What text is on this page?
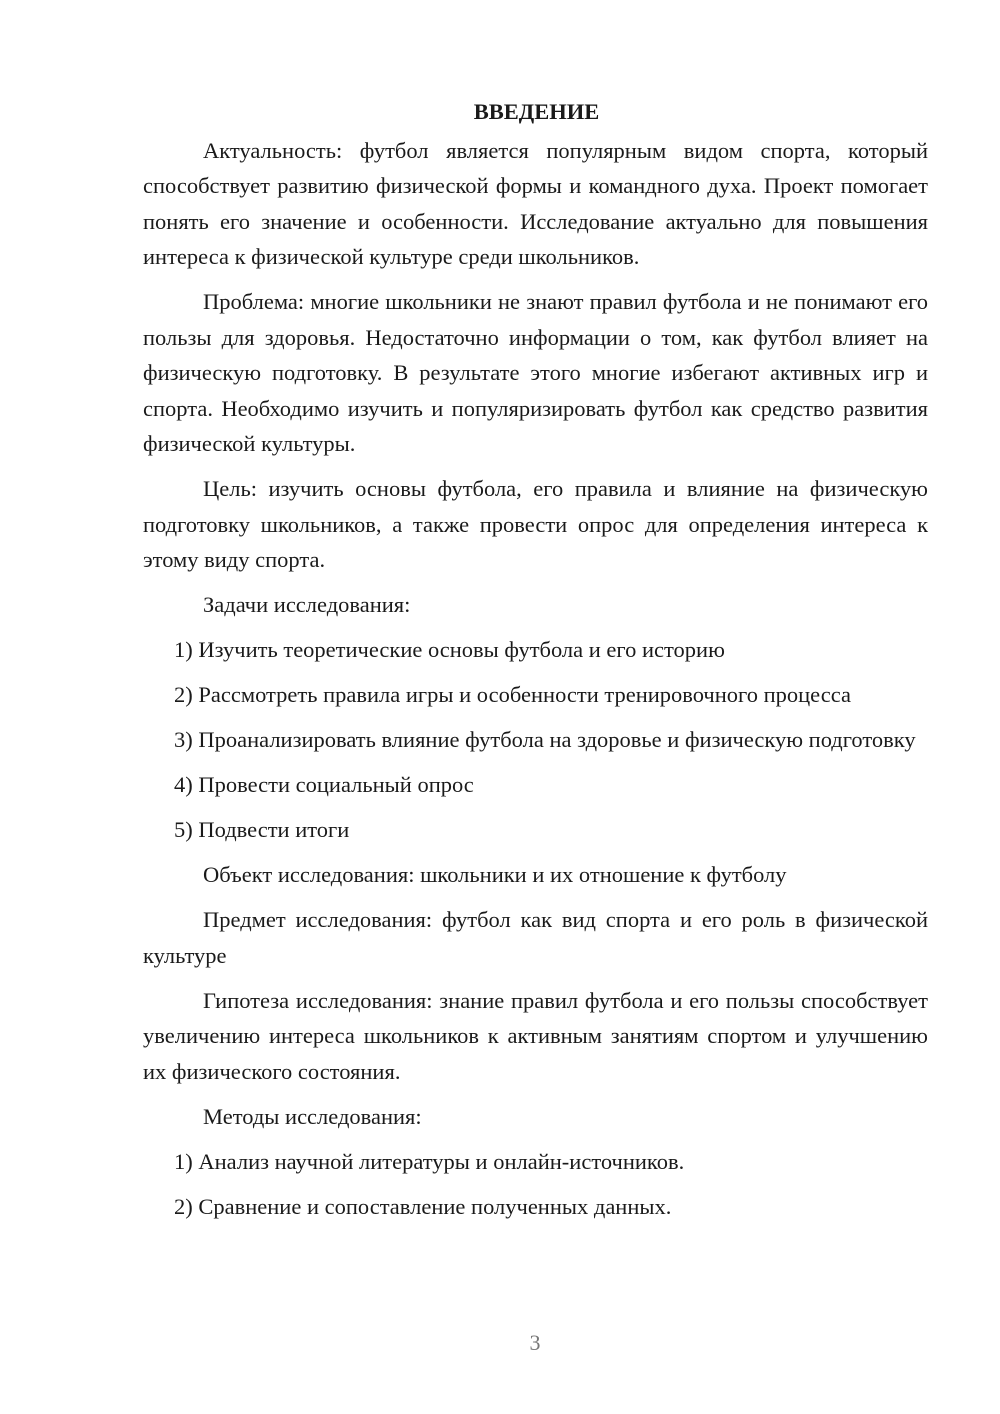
ВВЕДЕНИЕ

Актуальность: футбол является популярным видом спорта, который способствует развитию физической формы и командного духа. Проект помогает понять его значение и особенности. Исследование актуально для повышения интереса к физической культуре среди школьников.

Проблема: многие школьники не знают правил футбола и не понимают его пользы для здоровья. Недостаточно информации о том, как футбол влияет на физическую подготовку. В результате этого многие избегают активных игр и спорта. Необходимо изучить и популяризировать футбол как средство развития физической культуры.

Цель: изучить основы футбола, его правила и влияние на физическую подготовку школьников, а также провести опрос для определения интереса к этому виду спорта.

Задачи исследования:

1) Изучить теоретические основы футбола и его историю

2) Рассмотреть правила игры и особенности тренировочного процесса

3) Проанализировать влияние футбола на здоровье и физическую подготовку

4) Провести социальный опрос

5) Подвести итоги

Объект исследования: школьники и их отношение к футболу

Предмет исследования: футбол как вид спорта и его роль в физической культуре

Гипотеза исследования: знание правил футбола и его пользы способствует увеличению интереса школьников к активным занятиям спортом и улучшению их физического состояния.

Методы исследования:

1) Анализ научной литературы и онлайн-источников.

2) Сравнение и сопоставление полученных данных.

3
